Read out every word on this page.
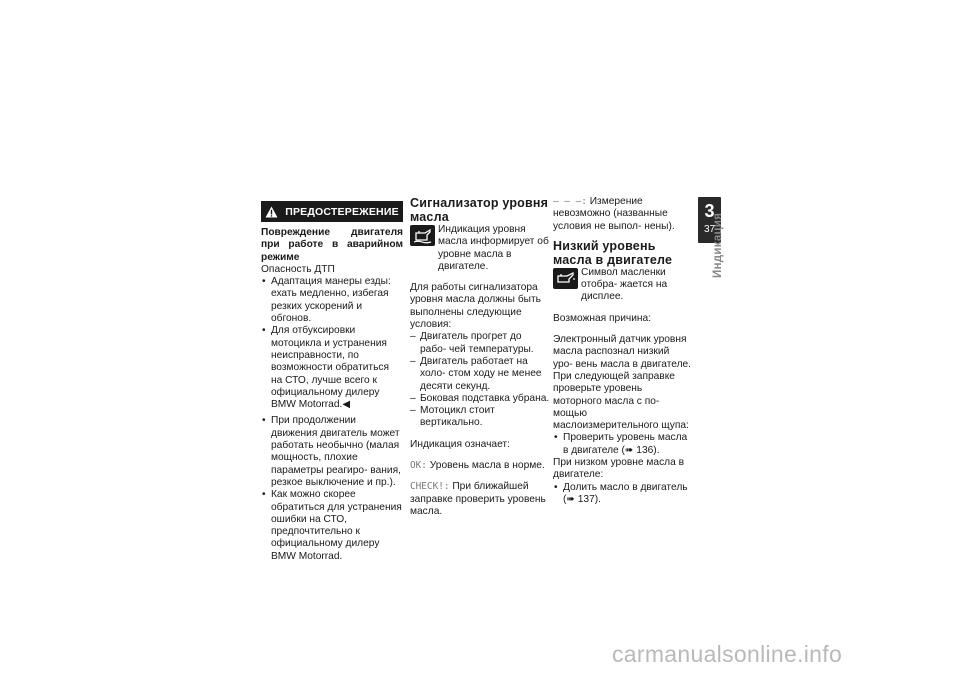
ПРЕДОСТЕРЕЖЕНИЕ
Повреждение двигателя при работе в аварийном режиме
Опасность ДТП
• Адаптация манеры езды: ехать медленно, избегая резких ускорений и обгонов.
• Для отбуксировки мотоцикла и устранения неисправности, по возможности обратиться на СТО, лучше всего к официальному дилеру BMW Motorrad.◀
• При продолжении движения двигатель может работать необычно (малая мощность, плохие параметры реагиро- вания, резкое выключение и пр.).
• Как можно скорее обратиться для устранения ошибки на СТО, предпочтительно к официальному дилеру BMW Motorrad.
Сигнализатор уровня масла
Индикация уровня масла информирует об уровне масла в двигателе.
Для работы сигнализатора уровня масла должны быть выполнены следующие условия:
– Двигатель прогрет до рабо- чей температуры.
– Двигатель работает на холо- стом ходу не менее десяти секунд.
– Боковая подставка убрана.
– Мотоцикл стоит вертикально.
Индикация означает:
OK: Уровень масла в норме.
CHECK!: При ближайшей заправке проверить уровень масла.
– – –: Измерение невозможно (названные условия не выпол- нены).
Низкий уровень масла в двигателе
Символ масленки отобра- жается на дисплее.
Возможная причина:
Электронный датчик уровня масла распознал низкий уро- вень масла в двигателе. При следующей заправке проверьте уровень моторного масла с по- мощью маслоизмерительного щупа:
• Проверить уровень масла в двигателе (➠ 136).
При низком уровне масла в двигателе:
• Долить масло в двигатель (➠ 137).
3
37
Индикация
carmanualsonline.info
